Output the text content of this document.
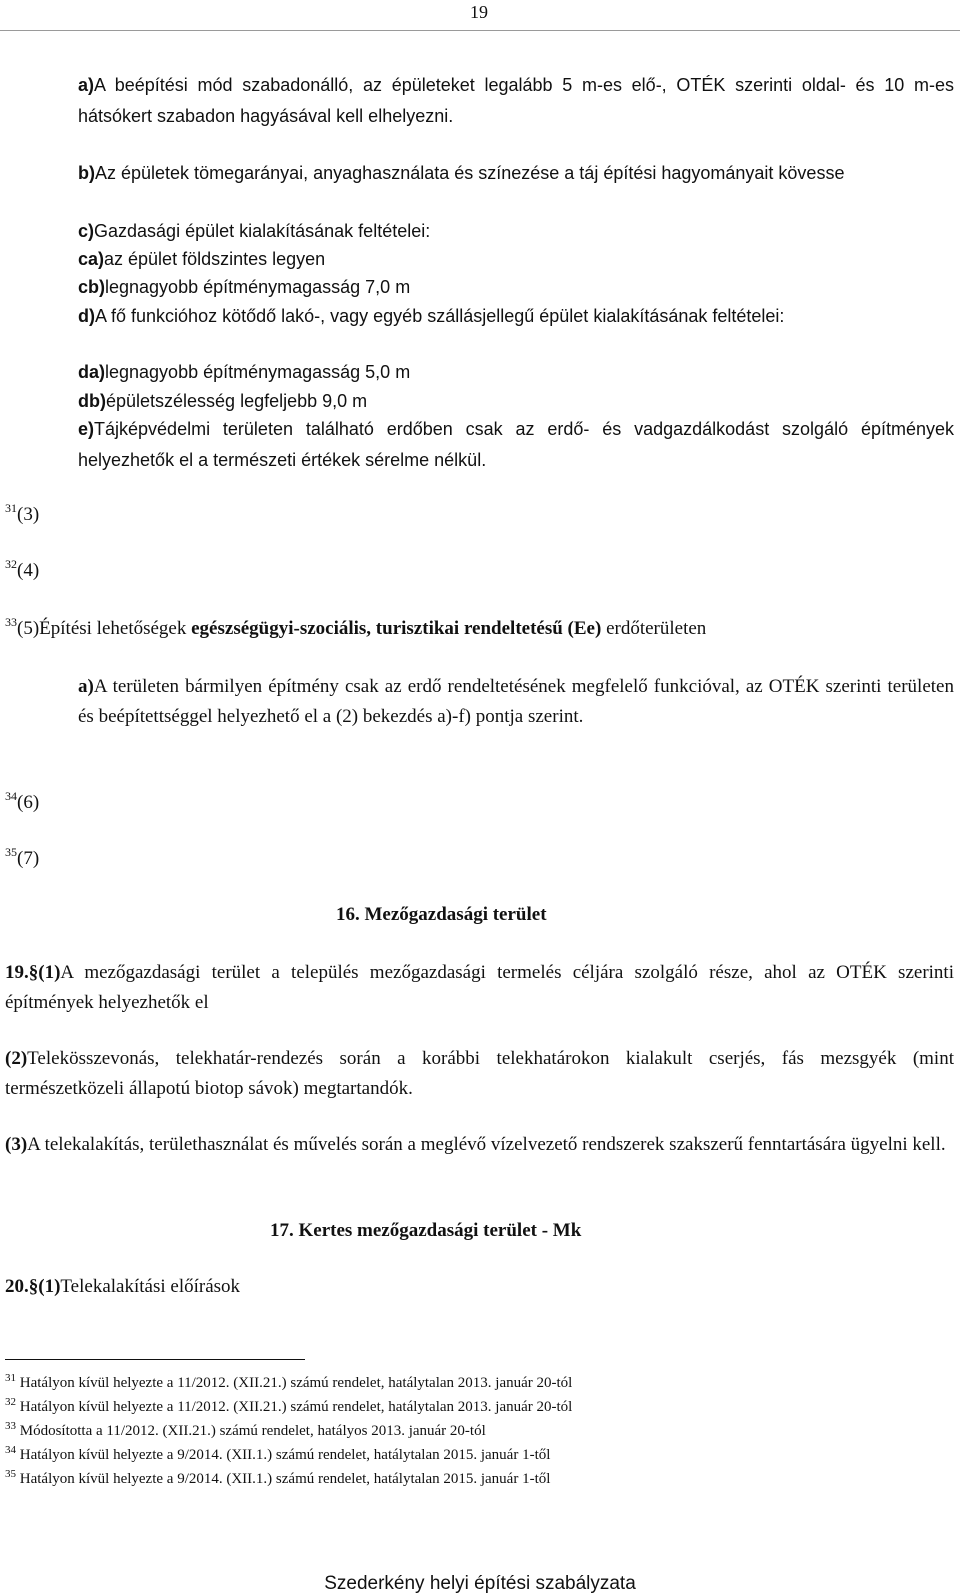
19
a)A beépítési mód szabadonálló, az épületeket legalább 5 m-es elő-, OTÉK szerinti oldal- és 10 m-es hátsókert szabadon hagyásával kell elhelyezni.
b)Az épületek tömegarányai, anyaghasználata és színezése a táj építési hagyományait kövesse
c)Gazdasági épület kialakításának feltételei:
ca)az épület földszintes legyen
cb)legnagyobb építménymagasság 7,0 m
d)A fő funkcióhoz kötődő lakó-, vagy egyéb szállásjellegű épület kialakításának feltételei:
da)legnagyobb építménymagasság 5,0 m
db)épületszélesség legfeljebb 9,0 m
e)Tájképvédelmi területen található erdőben csak az erdő- és vadgazdálkodást szolgáló építmények helyezhetők el a természeti értékek sérelme nélkül.
$^{31}$(3)
$^{32}$(4)
$^{33}$(5)Építési lehetőségek egészségügyi-szociális, turisztikai rendeltetésű (Ee) erdőterületen
a)A területen bármilyen építmény csak az erdő rendeltetésének megfelelő funkcióval, az OTÉK szerinti területen és beépítettséggel helyezhető el a (2) bekezdés a)-f) pontja szerint.
$^{34}$(6)
$^{35}$(7)
16. Mezőgazdasági terület
19.§(1)A mezőgazdasági terület a település mezőgazdasági termelés céljára szolgáló része, ahol az OTÉK szerinti építmények helyezhetők el
(2)Telekösszevonás, telekhatár-rendezés során a korábbi telekhatárokon kialakult cserjés, fás mezsgyék (mint természetközeli állapotú biotop sávok) megtartandók.
(3)A telekalakítás, területhasználat és művelés során a meglévő vízelvezető rendszerek szakszerű fenntartására ügyelni kell.
17. Kertes mezőgazdasági terület - Mk
20.§(1)Telekalakítási előírások
$^{31}$ Hatályon kívül helyezte a 11/2012. (XII.21.) számú rendelet, hatálytalan 2013. január 20-tól
$^{32}$ Hatályon kívül helyezte a 11/2012. (XII.21.) számú rendelet, hatálytalan 2013. január 20-tól
$^{33}$ Módosította a 11/2012. (XII.21.) számú rendelet, hatályos 2013. január 20-tól
$^{34}$ Hatályon kívül helyezte a 9/2014. (XII.1.) számú rendelet, hatálytalan 2015. január 1-től
$^{35}$ Hatályon kívül helyezte a 9/2014. (XII.1.) számú rendelet, hatálytalan 2015. január 1-től
Szederkény helyi építési szabályzata
